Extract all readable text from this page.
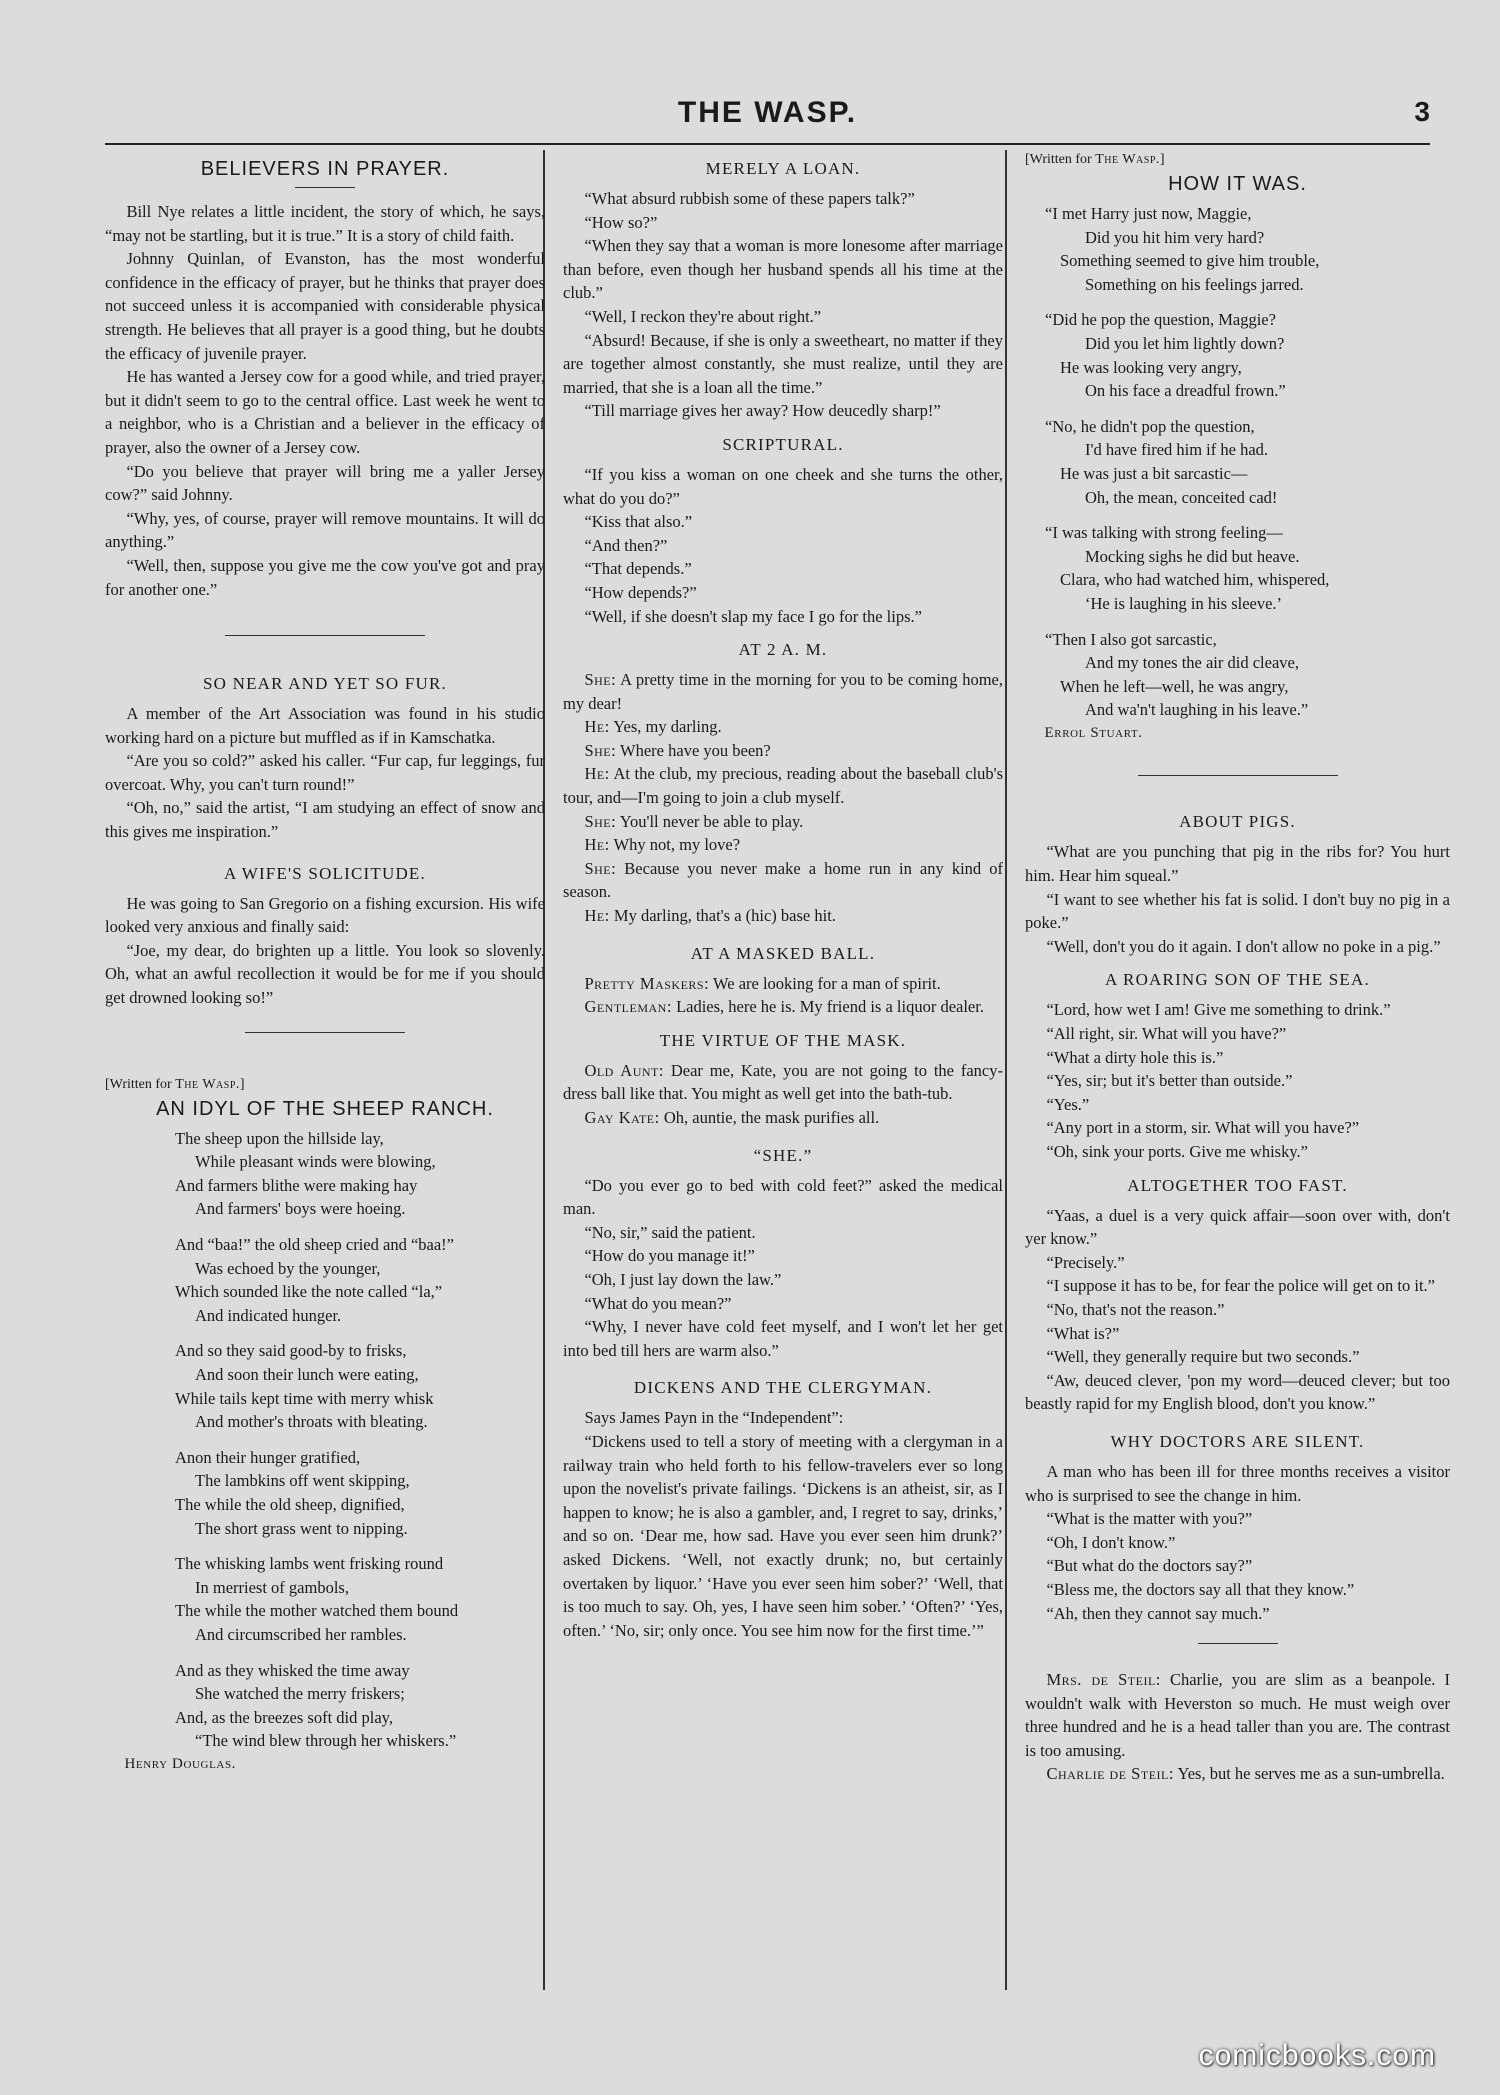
THE WASP.	3
BELIEVERS IN PRAYER.

Bill Nye relates a little incident, the story of which, he says, “may not be startling, but it is true.” It is a story of child faith.

Johnny Quinlan, of Evanston, has the most wonderful confidence in the efficacy of prayer, but he thinks that prayer does not succeed unless it is accompanied with considerable physical strength. He believes that all prayer is a good thing, but he doubts the efficacy of juvenile prayer.

He has wanted a Jersey cow for a good while, and tried prayer, but it didn't seem to go to the central office. Last week he went to a neighbor, who is a Christian and a believer in the efficacy of prayer, also the owner of a Jersey cow.

“Do you believe that prayer will bring me a yaller Jersey cow?” said Johnny.

“Why, yes, of course, prayer will remove mountains. It will do anything.”

“Well, then, suppose you give me the cow you've got and pray for another one.”

SO NEAR AND YET SO FUR.

A member of the Art Association was found in his studio working hard on a picture but muffled as if in Kamschatka.

“Are you so cold?” asked his caller. “Fur cap, fur leggings, fur overcoat. Why, you can't turn round!”

“Oh, no,” said the artist, “I am studying an effect of snow and this gives me inspiration.”

A WIFE'S SOLICITUDE.

He was going to San Gregorio on a fishing excursion. His wife looked very anxious and finally said:

“Joe, my dear, do brighten up a little. You look so slovenly. Oh, what an awful recollection it would be for me if you should get drowned looking so!”

[Written for The Wasp.]

AN IDYL OF THE SHEEP RANCH.
The sheep upon the hillside lay,
While pleasant winds were blowing,
And farmers blithe were making hay
And farmers' boys were hoeing.
And “baa!” the old sheep cried and “baa!”
Was echoed by the younger,
Which sounded like the note called “la,”
And indicated hunger.
And so they said good-by to frisks,
And soon their lunch were eating,
While tails kept time with merry whisk
And mother's throats with bleating.
Anon their hunger gratified,
The lambkins off went skipping,
The while the old sheep, dignified,
The short grass went to nipping.
The whisking lambs went frisking round
In merriest of gambols,
The while the mother watched them bound
And circumscribed her rambles.
And as they whisked the time away
She watched the merry friskers;
And, as the breezes soft did play,
“The wind blew through her whiskers.”

Henry Douglas.

MERELY A LOAN.

“What absurd rubbish some of these papers talk?”

“How so?”

“When they say that a woman is more lonesome after marriage than before, even though her husband spends all his time at the club.”

“Well, I reckon they're about right.”

“Absurd! Because, if she is only a sweetheart, no matter if they are together almost constantly, she must realize, until they are married, that she is a loan all the time.”

“Till marriage gives her away? How deucedly sharp!”

SCRIPTURAL.

“If you kiss a woman on one cheek and she turns the other, what do you do?”

“Kiss that also.”

“And then?”

“That depends.”

“How depends?”

“Well, if she doesn't slap my face I go for the lips.”

AT 2 A. M.

She: A pretty time in the morning for you to be coming home, my dear!

He: Yes, my darling.

She: Where have you been?

He: At the club, my precious, reading about the baseball club's tour, and—I'm going to join a club myself.

She: You'll never be able to play.

He: Why not, my love?

She: Because you never make a home run in any kind of season.

He: My darling, that's a (hic) base hit.

AT A MASKED BALL.

Pretty Maskers: We are looking for a man of spirit.

Gentleman: Ladies, here he is. My friend is a liquor dealer.

THE VIRTUE OF THE MASK.

Old Aunt: Dear me, Kate, you are not going to the fancy-dress ball like that. You might as well get into the bath-tub.

Gay Kate: Oh, auntie, the mask purifies all.

“SHE.”

“Do you ever go to bed with cold feet?” asked the medical man.

“No, sir,” said the patient.

“How do you manage it!”

“Oh, I just lay down the law.”

“What do you mean?”

“Why, I never have cold feet myself, and I won't let her get into bed till hers are warm also.”

DICKENS AND THE CLERGYMAN.

Says James Payn in the “Independent”:

“Dickens used to tell a story of meeting with a clergyman in a railway train who held forth to his fellow-travelers ever so long upon the novelist's private failings. ‘Dickens is an atheist, sir, as I happen to know; he is also a gambler, and, I regret to say, drinks,’ and so on. ‘Dear me, how sad. Have you ever seen him drunk?’ asked Dickens. ‘Well, not exactly drunk; no, but certainly overtaken by liquor.’ ‘Have you ever seen him sober?’ ‘Well, that is too much to say. Oh, yes, I have seen him sober.’ ‘Often?’ ‘Yes, often.’ ‘No, sir; only once. You see him now for the first time.’”

[Written for The Wasp.]

HOW IT WAS.
“I met Harry just now, Maggie,
Did you hit him very hard?
Something seemed to give him trouble,
Something on his feelings jarred.
“Did he pop the question, Maggie?
Did you let him lightly down?
He was looking very angry,
On his face a dreadful frown.”
“No, he didn't pop the question,
I'd have fired him if he had.
He was just a bit sarcastic—
Oh, the mean, conceited cad!
“I was talking with strong feeling—
Mocking sighs he did but heave.
Clara, who had watched him, whispered,
‘He is laughing in his sleeve.’
“Then I also got sarcastic,
And my tones the air did cleave,
When he left—well, he was angry,
And wa'n't laughing in his leave.”

Errol Stuart.

ABOUT PIGS.

“What are you punching that pig in the ribs for? You hurt him. Hear him squeal.”

“I want to see whether his fat is solid. I don't buy no pig in a poke.”

“Well, don't you do it again. I don't allow no poke in a pig.”

A ROARING SON OF THE SEA.

“Lord, how wet I am! Give me something to drink.”

“All right, sir. What will you have?”

“What a dirty hole this is.”

“Yes, sir; but it's better than outside.”

“Yes.”

“Any port in a storm, sir. What will you have?”

“Oh, sink your ports. Give me whisky.”

ALTOGETHER TOO FAST.

“Yaas, a duel is a very quick affair—soon over with, don't yer know.”

“Precisely.”

“I suppose it has to be, for fear the police will get on to it.”

“No, that's not the reason.”

“What is?”

“Well, they generally require but two seconds.”

“Aw, deuced clever, 'pon my word—deuced clever; but too beastly rapid for my English blood, don't you know.”

WHY DOCTORS ARE SILENT.

A man who has been ill for three months receives a visitor who is surprised to see the change in him.

“What is the matter with you?”

“Oh, I don't know.”

“But what do the doctors say?”

“Bless me, the doctors say all that they know.”

“Ah, then they cannot say much.”

Mrs. de Steil: Charlie, you are slim as a beanpole. I wouldn't walk with Heverston so much. He must weigh over three hundred and he is a head taller than you are. The contrast is too amusing.

Charlie de Steil: Yes, but he serves me as a sun-umbrella.

comicbooks.com
